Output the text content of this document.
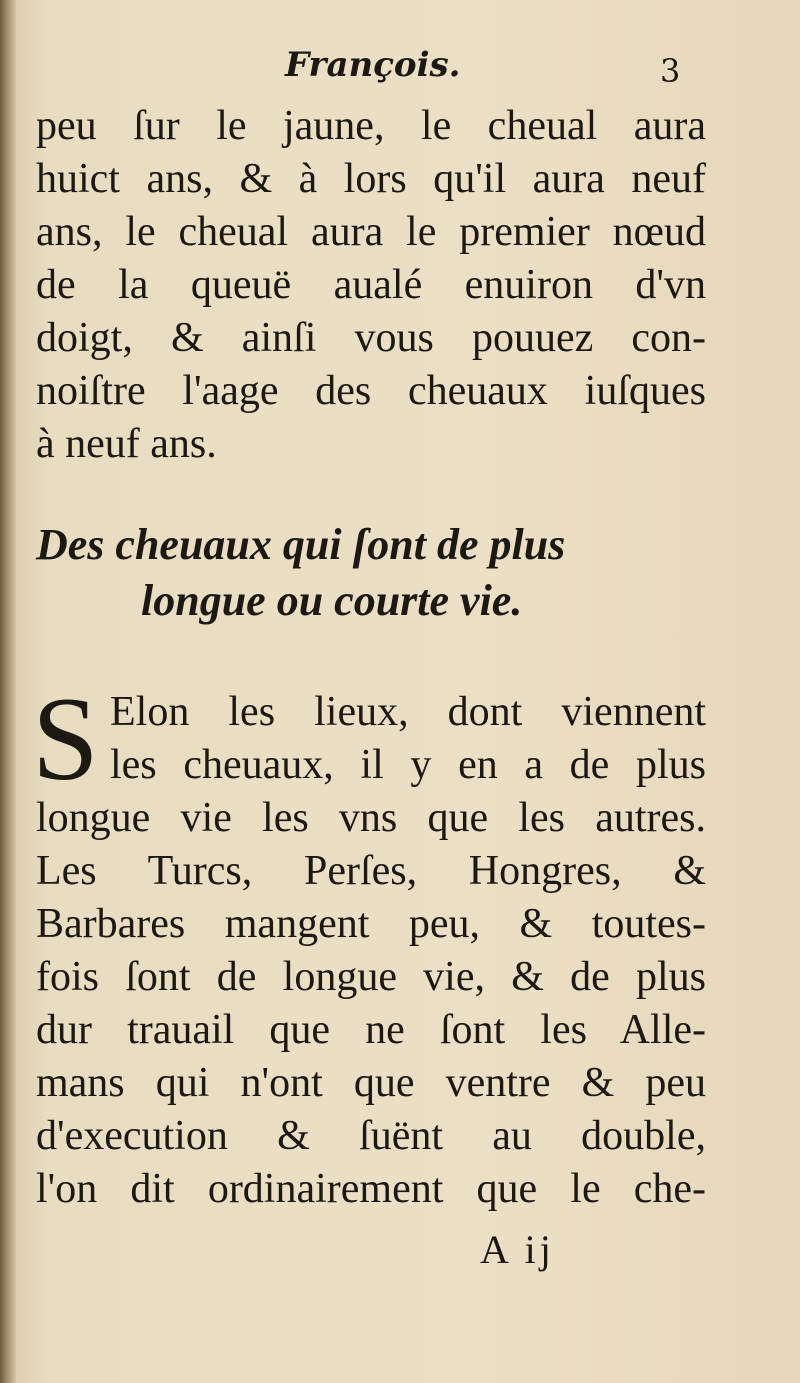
François.	3
peu ſur le jaune, le cheual aura
huict ans, & à lors qu'il aura neuf
ans, le cheual aura le premier nœud
de la queuë aualé enuiron d'vn
doigt, & ainſi vous pouuez con-
noiſtre l'aage des cheuaux iuſques
à neuf ans.
Des cheuaux qui ſont de plus
longue ou courte vie.
S Elon les lieux, dont viennent
les cheuaux, il y en a de plus
longue vie les vns que les autres.
Les Turcs, Perſes, Hongres, &
Barbares mangent peu, & toutes-
fois ſont de longue vie, & de plus
dur trauail que ne ſont les Alle-
mans qui n'ont que ventre & peu
d'execution & ſuënt au double,
l'on dit ordinairement que le che-
A ij
